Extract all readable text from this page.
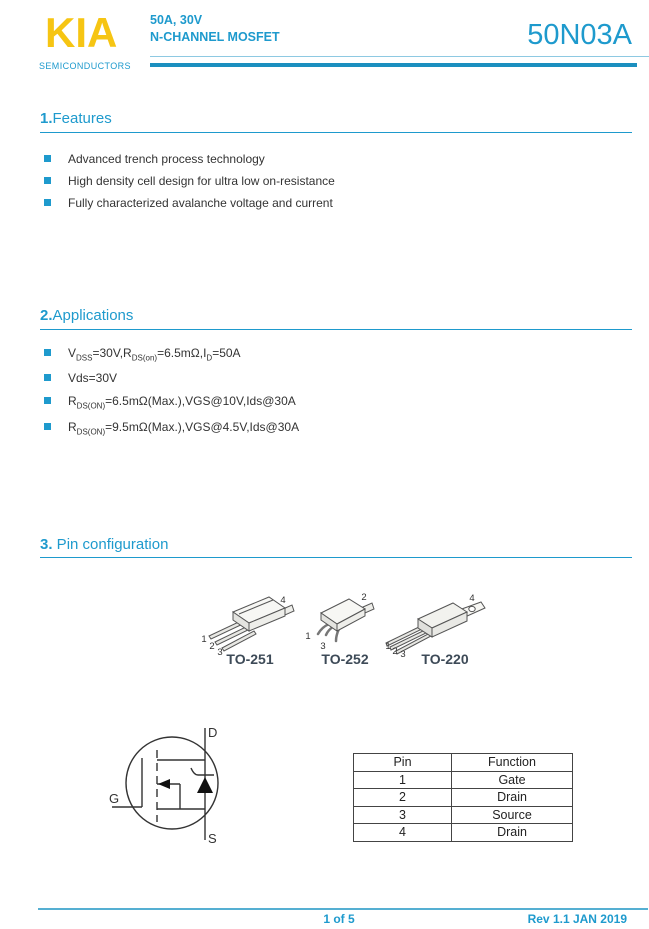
KIA
SEMICONDUCTORS
50A, 30V
N-CHANNEL MOSFET	50N03A
1.Features
Advanced trench process technology
High density cell design for ultra low on-resistance
Fully characterized avalanche voltage and current
2.Applications
$V_{DSS}=30V,R_{DS(on)}=6.5m\Omega,I_D=50A$
Vds=30V
$R_{DS(ON)}=6.5m\Omega(Max.),VGS@10V,Ids@30A$
$R_{DS(ON)}=9.5m\Omega(Max.),VGS@4.5V,Ids@30A$
3. Pin configuration
1
2
3
4
TO-251
1
3
2
TO-252
1 2 3
4
TO-220
D
S
G
Pin	Function
1	Gate
2	Drain
3	Source
4	Drain
1 of 5	Rev 1.1 JAN 2019
